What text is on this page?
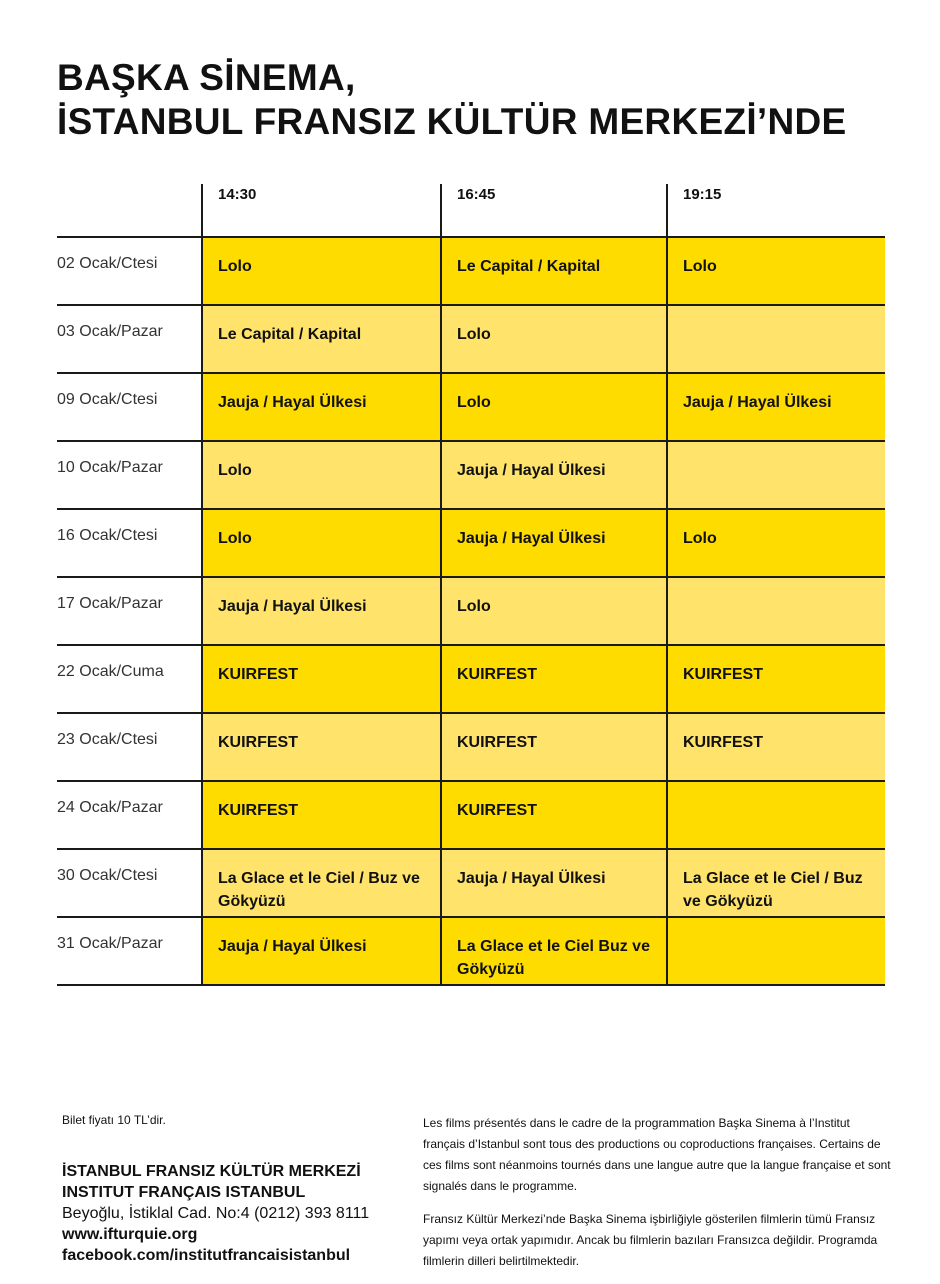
BAŞKA SİNEMA,
İSTANBUL FRANSIZ KÜLTÜR MERKEZİ’NDE
	14:30	16:45	19:15
02 Ocak/Ctesi	Lolo	Le Capital / Kapital	Lolo
03 Ocak/Pazar	Le Capital / Kapital	Lolo	
09 Ocak/Ctesi	Jauja / Hayal Ülkesi	Lolo	Jauja / Hayal Ülkesi
10 Ocak/Pazar	Lolo	Jauja / Hayal Ülkesi	
16 Ocak/Ctesi	Lolo	Jauja / Hayal Ülkesi	Lolo
17 Ocak/Pazar	Jauja / Hayal Ülkesi	Lolo	
22 Ocak/Cuma	KUIRFEST	KUIRFEST	KUIRFEST
23 Ocak/Ctesi	KUIRFEST	KUIRFEST	KUIRFEST
24 Ocak/Pazar	KUIRFEST	KUIRFEST	
30 Ocak/Ctesi	La Glace et le Ciel / Buz ve Gökyüzü	Jauja / Hayal Ülkesi	La Glace et le Ciel / Buz ve Gökyüzü
31 Ocak/Pazar	Jauja / Hayal Ülkesi	La Glace et le Ciel Buz ve Gökyüzü	

Bilet fiyatı 10 TL’dir.

İSTANBUL FRANSIZ KÜLTÜR MERKEZİ

INSTITUT FRANÇAIS ISTANBUL

Beyoğlu, İstiklal Cad. No:4 (0212) 393 8111

www.ifturquie.org

facebook.com/institutfrancaisistanbul

Les films présentés dans le cadre de la programmation Başka Sinema à l’Institut français d’Istanbul sont tous des productions ou coproductions françaises. Certains de ces films sont néanmoins tournés dans une langue autre que la langue française et sont signalés dans le programme.

Fransız Kültür Merkezi’nde Başka Sinema işbirliğiyle gösterilen filmlerin tümü Fransız yapımı veya ortak yapımıdır. Ancak bu filmlerin bazıları Fransızca değildir. Programda filmlerin dilleri belirtilmektedir.
